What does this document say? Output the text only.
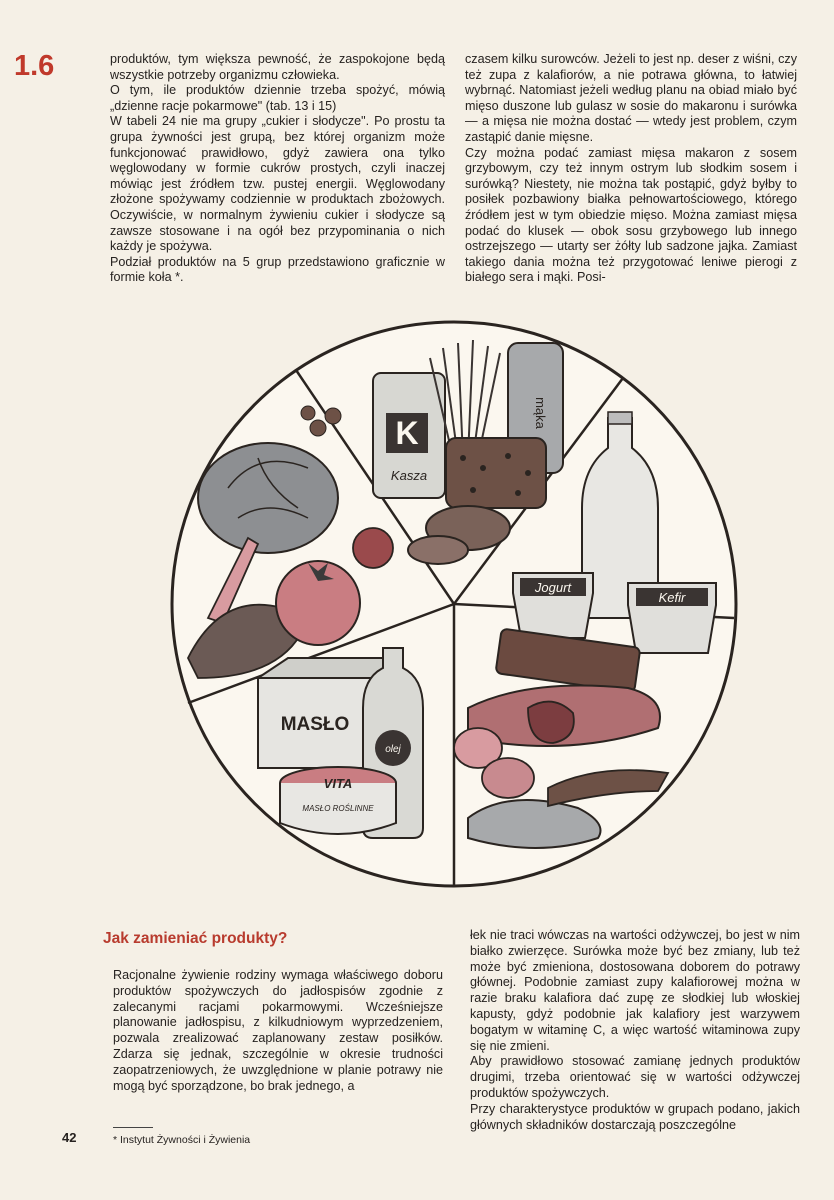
1.6	produktów, tym większa pewność, że zaspokojone będą wszystkie potrzeby organizmu człowieka.

O tym, ile produktów dziennie trzeba spożyć, mówią „dzienne racje pokarmowe" (tab. 13 i 15)

W tabeli 24 nie ma grupy „cukier i słodycze". Po prostu ta grupa żywności jest grupą, bez której organizm może funkcjonować prawidłowo, gdyż zawiera ona tylko węglowodany w formie cukrów prostych, czyli inaczej mówiąc jest źródłem tzw. pustej energii. Węglowodany złożone spożywamy codziennie w produktach zbożowych. Oczywiście, w normalnym żywieniu cukier i słodycze są zawsze stosowane i na ogół bez przypominania o nich każdy je spożywa.

Podział produktów na 5 grup przedstawiono graficznie w formie koła *.

czasem kilku surowców. Jeżeli to jest np. deser z wiśni, czy też zupa z kalafiorów, a nie potrawa główna, to łatwiej wybrnąć. Natomiast jeżeli według planu na obiad miało być mięso duszone lub gulasz w sosie do makaronu i surówka — a mięsa nie można dostać — wtedy jest problem, czym zastąpić danie mięsne.

Czy można podać zamiast mięsa makaron z sosem grzybowym, czy też innym ostrym lub słodkim sosem i surówką? Niestety, nie można tak postąpić, gdyż byłby to posiłek pozbawiony białka pełnowartościowego, którego źródłem jest w tym obiedzie mięso. Można zamiast mięsa podać do klusek — obok sosu grzybowego lub innego ostrzejszego — utarty ser żółty lub sadzone jajka. Zamiast takiego dania można też przygotować leniwe pierogi z białego sera i mąki. Posi-

K
Kasza
mąka
Jogurt
Kefir
MASŁO
olej
VITA
MASŁO ROŚLINNE
Jak zamieniać produkty?

Racjonalne żywienie rodziny wymaga właściwego doboru produktów spożywczych do jadłospisów zgodnie z zalecanymi racjami pokarmowymi. Wcześniejsze planowanie jadłospisu, z kilkudniowym wyprzedzeniem, pozwala zrealizować zaplanowany zestaw posiłków. Zdarza się jednak, szczególnie w okresie trudności zaopatrzeniowych, że uwzględnione w planie potrawy nie mogą być sporządzone, bo brak jednego, a

łek nie traci wówczas na wartości odżywczej, bo jest w nim białko zwierzęce. Surówka może być bez zmiany, lub też może być zmieniona, dostosowana doborem do potrawy głównej. Podobnie zamiast zupy kalafiorowej można w razie braku kalafiora dać zupę ze słodkiej lub włoskiej kapusty, gdyż podobnie jak kalafiory jest warzywem bogatym w witaminę C, a więc wartość witaminowa zupy się nie zmieni.

Aby prawidłowo stosować zamianę jednych produktów drugimi, trzeba orientować się w wartości odżywczej produktów spożywczych.

Przy charakterystyce produktów w grupach podano, jakich głównych składników dostarczają poszczególne

42	* Instytut Żywności i Żywienia
